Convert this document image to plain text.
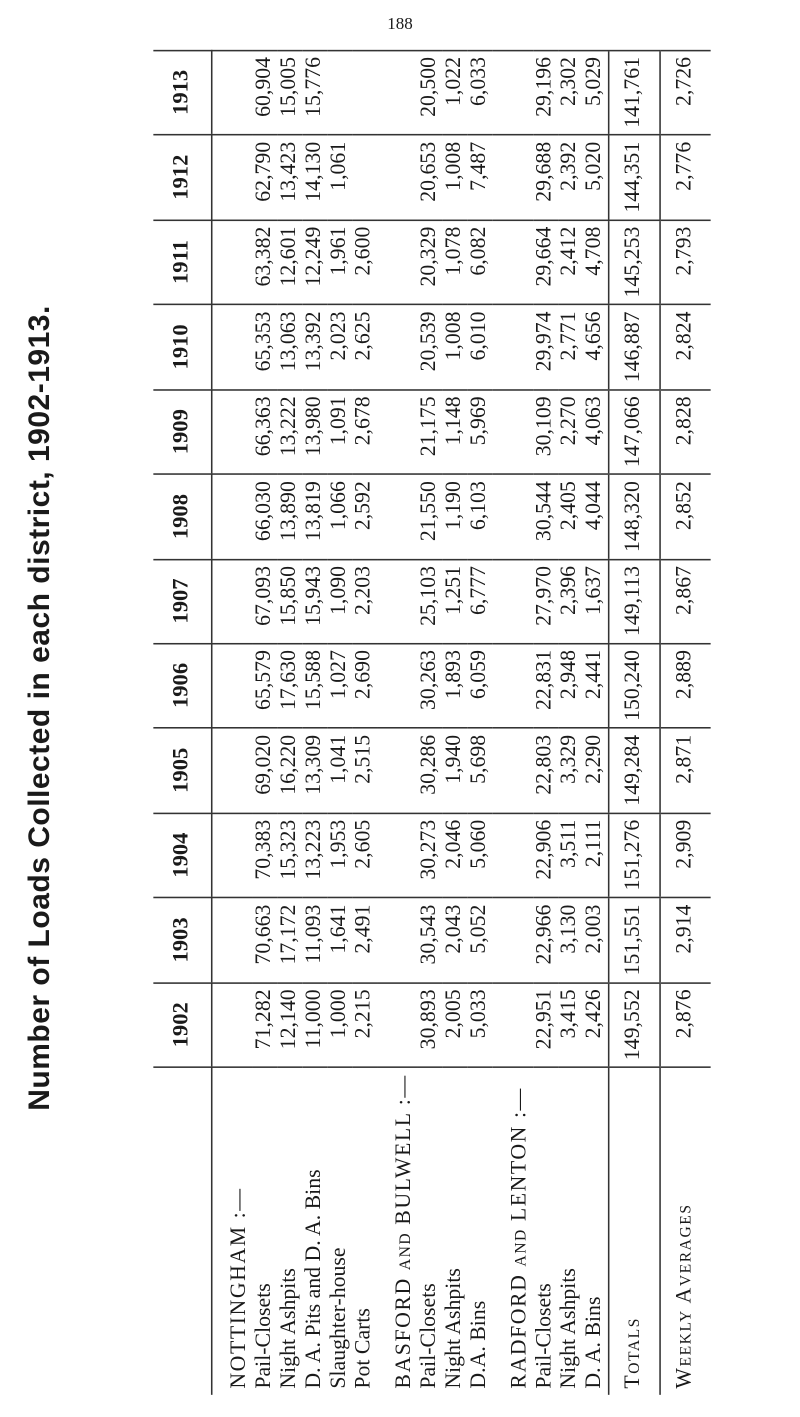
188
Number of Loads Collected in each district, 1902-1913.
		1902	1903	1904	1905	1906	1907	1908	1909	1910	1911	1912	1913
NOTTINGHAM :—												
Pail-Closets	71,282	70,663	70,383	69,020	65,579	67,093	66,030	66,363	65,353	63,382	62,790	60,904
Night Ashpits	12,140	17,172	15,323	16,220	17,630	15,850	13,890	13,222	13,063	12,601	13,423	15,005
D. A. Pits and D. A. Bins	11,000	11,093	13,223	13,309	15,588	15,943	13,819	13,980	13,392	12,249	14,130	15,776
Slaughter-house	1,000	1,641	1,953	1,041	1,027	1,090	1,066	1,091	2,023	1,961	1,061	
Pot Carts	2,215	2,491	2,605	2,515	2,690	2,203	2,592	2,678	2,625	2,600		
BASFORD and BULWELL :—												
Pail-Closets	30,893	30,543	30,273	30,286	30,263	25,103	21,550	21,175	20,539	20,329	20,653	20,500
Night Ashpits	2,005	2,043	2,046	1,940	1,893	1,251	1,190	1,148	1,008	1,078	1,008	1,022
D.A. Bins	5,033	5,052	5,060	5,698	6,059	6,777	6,103	5,969	6,010	6,082	7,487	6,033
RADFORD and LENTON :—												
Pail-Closets	22,951	22,966	22,906	22,803	22,831	27,970	30,544	30,109	29,974	29,664	29,688	29,196
Night Ashpits	3,415	3,130	3,511	3,329	2,948	2,396	2,405	2,270	2,771	2,412	2,392	2,302
D. A. Bins	2,426	2,003	2,111	2,290	2,441	1,637	4,044	4,063	4,656	4,708	5,020	5,029
Totals	149,552	151,551	151,276	149,284	150,240	149,113	148,320	147,066	146,887	145,253	144,351	141,761
Weekly Averages	2,876	2,914	2,909	2,871	2,889	2,867	2,852	2,828	2,824	2,793	2,776	2,726
